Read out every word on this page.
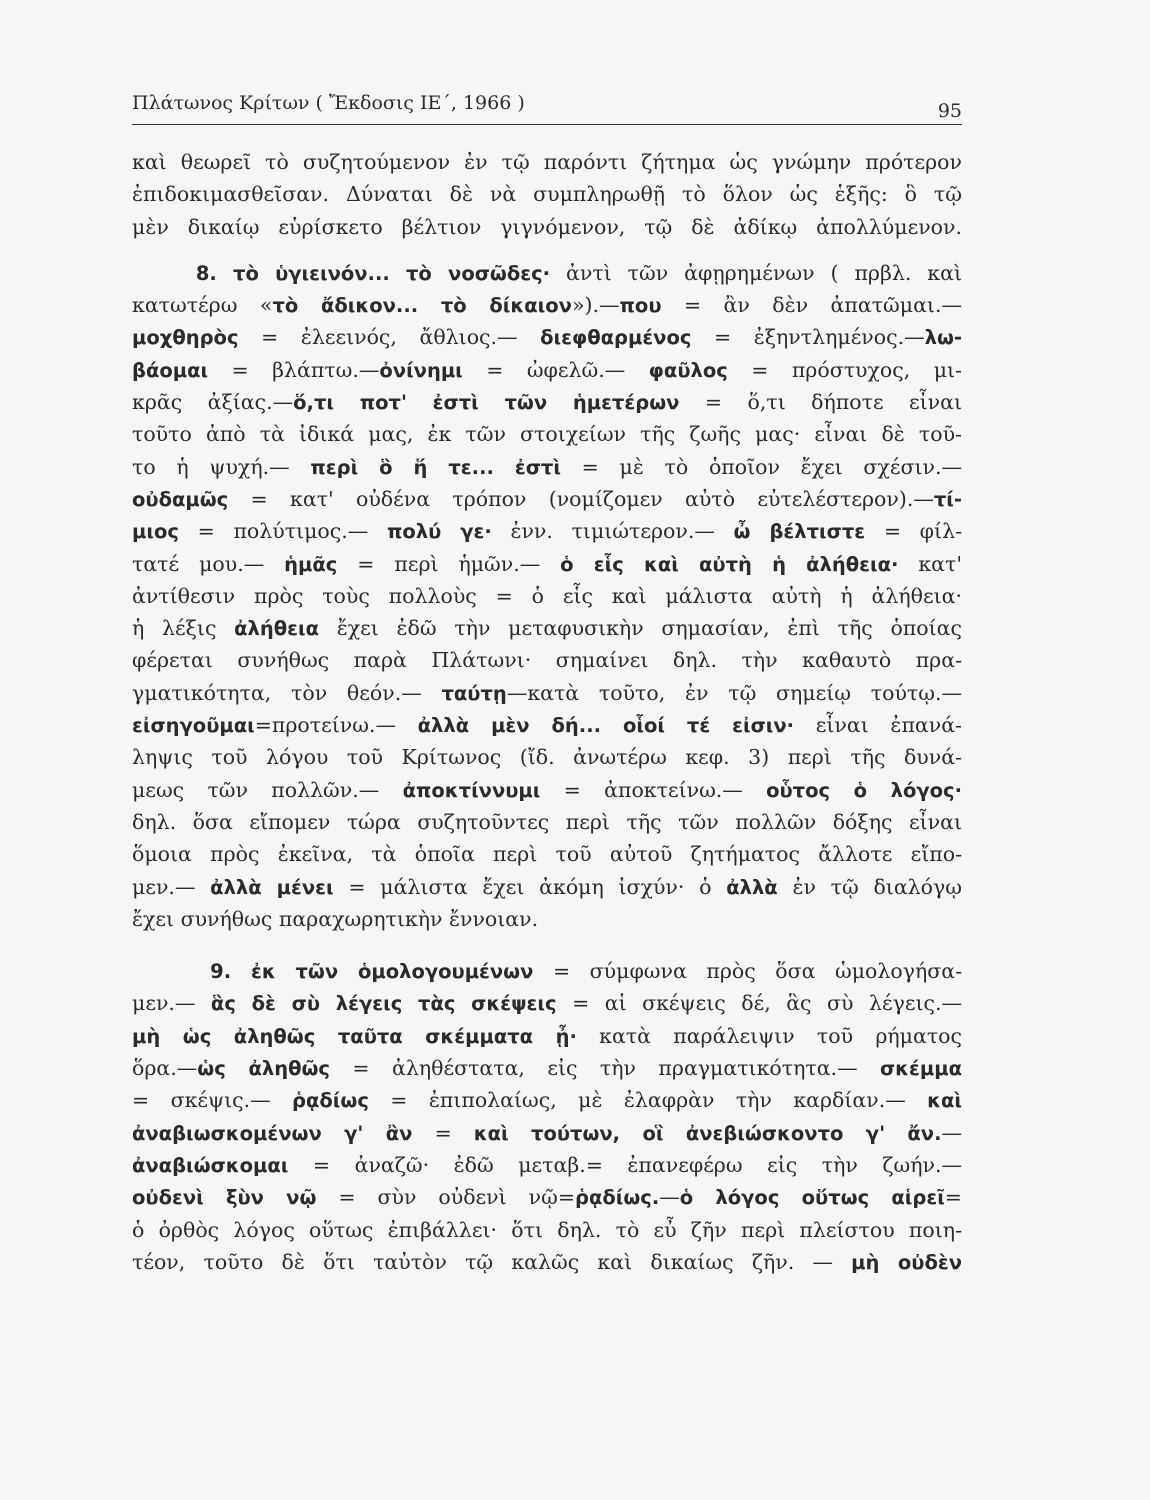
Πλάτωνος Κρίτων ( Ἔκδοσις ΙΕ΄, 1966 )	95
καὶ θεωρεῖ τὸ συζητούμενον ἐν τῷ παρόντι ζήτημα ὡς γνώμην πρότερον
ἐπιδοκιμασθεῖσαν. Δύναται δὲ νὰ συμπληρωθῇ τὸ ὅλον ὡς ἑξῆς: ὃ τῷ
μὲν δικαίῳ εὑρίσκετο βέλτιον γιγνόμενον, τῷ δὲ ἀδίκῳ ἀπολλύμενον.
8. τὸ ὑγιεινόν... τὸ νοσῶδες· ἀντὶ τῶν ἀφῃρημένων ( πρβλ. καὶ
κατωτέρω «τὸ ἄδικον... τὸ δίκαιον»).—που = ἂν δὲν ἀπατῶμαι.—
μοχθηρὸς = ἐλεεινός, ἄθλιος.— διεφθαρμένος = ἐξηντλημένος.—λω-
βάομαι = βλάπτω.—ὀνίνημι = ὠφελῶ.— φαῦλος = πρόστυχος, μι-
κρᾶς ἀξίας.—ὅ,τι ποτ' ἐστὶ τῶν ἡμετέρων = ὅ,τι δήποτε εἶναι
τοῦτο ἀπὸ τὰ ἰδικά μας, ἐκ τῶν στοιχείων τῆς ζωῆς μας· εἶναι δὲ τοῦ-
το ἡ ψυχή.— περὶ ὃ ἥ τε... ἐστὶ = μὲ τὸ ὁποῖον ἔχει σχέσιν.—
οὐδαμῶς = κατ' οὐδένα τρόπον (νομίζομεν αὐτὸ εὐτελέστερον).—τί-
μιος = πολύτιμος.— πολύ γε· ἐνν. τιμιώτερον.— ὦ βέλτιστε = φίλ-
τατέ μου.— ἡμᾶς = περὶ ἡμῶν.— ὁ εἷς καὶ αὐτὴ ἡ ἀλήθεια· κατ'
ἀντίθεσιν πρὸς τοὺς πολλοὺς = ὁ εἷς καὶ μάλιστα αὐτὴ ἡ ἀλήθεια·
ἡ λέξις ἀλήθεια ἔχει ἐδῶ τὴν μεταφυσικὴν σημασίαν, ἐπὶ τῆς ὁποίας
φέρεται συνήθως παρὰ Πλάτωνι· σημαίνει δηλ. τὴν καθαυτὸ πρα-
γματικότητα, τὸν θεόν.— ταύτῃ—κατὰ τοῦτο, ἐν τῷ σημείῳ τούτῳ.—
εἰσηγοῦμαι=προτείνω.— ἀλλὰ μὲν δή... οἷοί τέ εἰσιν· εἶναι ἐπανά-
ληψις τοῦ λόγου τοῦ Κρίτωνος (ἴδ. ἀνωτέρω κεφ. 3) περὶ τῆς δυνά-
μεως τῶν πολλῶν.— ἀποκτίννυμι = ἀποκτείνω.— οὗτος ὁ λόγος·
δηλ. ὅσα εἴπομεν τώρα συζητοῦντες περὶ τῆς τῶν πολλῶν δόξης εἶναι
ὅμοια πρὸς ἐκεῖνα, τὰ ὁποῖα περὶ τοῦ αὐτοῦ ζητήματος ἄλλοτε εἴπο-
μεν.— ἀλλὰ μένει = μάλιστα ἔχει ἀκόμη ἰσχύν· ὁ ἀλλὰ ἐν τῷ διαλόγῳ
ἔχει συνήθως παραχωρητικὴν ἔννοιαν.
9. ἐκ τῶν ὁμολογουμένων = σύμφωνα πρὸς ὅσα ὡμολογήσα-
μεν.— ἃς δὲ σὺ λέγεις τὰς σκέψεις = αἱ σκέψεις δέ, ἃς σὺ λέγεις.—
μὴ ὡς ἀληθῶς ταῦτα σκέμματα ᾖ· κατὰ παράλειψιν τοῦ ρήματος
ὅρα.—ὡς ἀληθῶς = ἀληθέστατα, εἰς τὴν πραγματικότητα.— σκέμμα
= σκέψις.— ῥᾳδίως = ἐπιπολαίως, μὲ ἐλαφρὰν τὴν καρδίαν.— καὶ
ἀναβιωσκομένων γ' ἂν = καὶ τούτων, οἳ ἀνεβιώσκοντο γ' ἄν.—
ἀναβιώσκομαι = ἀναζῶ· ἐδῶ μεταβ.= ἐπανεφέρω εἰς τὴν ζωήν.—
οὐδενὶ ξὺν νῷ = σὺν οὐδενὶ νῷ=ῥᾳδίως.—ὁ λόγος οὕτως αἱρεῖ=
ὁ ὀρθὸς λόγος οὕτως ἐπιβάλλει· ὅτι δηλ. τὸ εὖ ζῆν περὶ πλείστου ποιη-
τέον, τοῦτο δὲ ὅτι ταὐτὸν τῷ καλῶς καὶ δικαίως ζῆν. — μὴ οὐδὲν
